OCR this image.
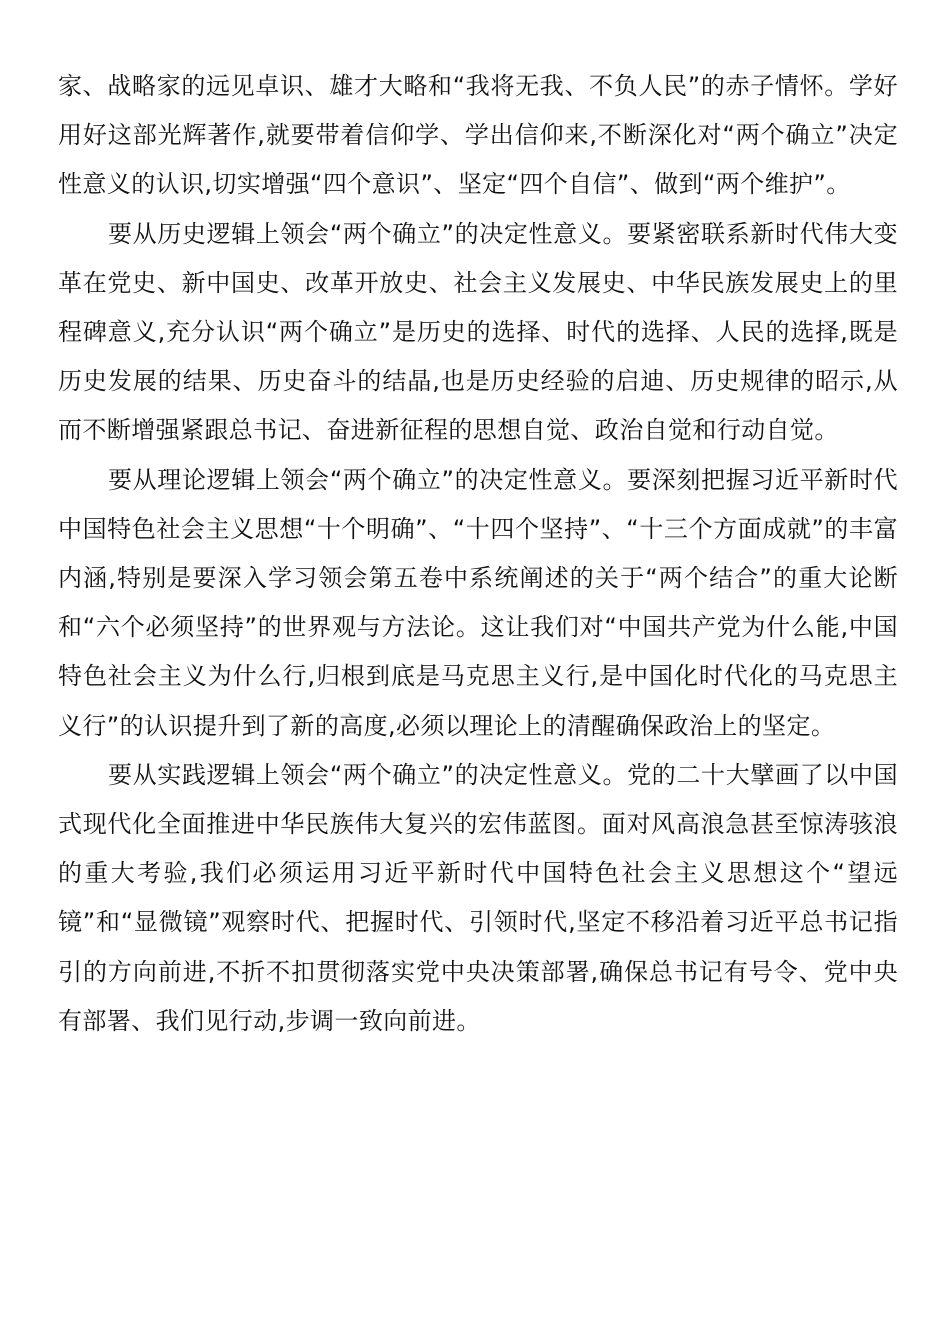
家、战略家的远见卓识、雄才大略和“我将无我、不负人民”的赤子情怀。学好用好这部光辉著作,就要带着信仰学、学出信仰来,不断深化对“两个确立”决定性意义的认识,切实增强“四个意识”、坚定“四个自信”、做到“两个维护”。

要从历史逻辑上领会“两个确立”的决定性意义。要紧密联系新时代伟大变革在党史、新中国史、改革开放史、社会主义发展史、中华民族发展史上的里程碑意义,充分认识“两个确立”是历史的选择、时代的选择、人民的选择,既是历史发展的结果、历史奋斗的结晶,也是历史经验的启迪、历史规律的昭示,从而不断增强紧跟总书记、奋进新征程的思想自觉、政治自觉和行动自觉。

要从理论逻辑上领会“两个确立”的决定性意义。要深刻把握习近平新时代中国特色社会主义思想“十个明确”、“十四个坚持”、“十三个方面成就”的丰富内涵,特别是要深入学习领会第五卷中系统阐述的关于“两个结合”的重大论断和“六个必须坚持”的世界观与方法论。这让我们对“中国共产党为什么能,中国特色社会主义为什么行,归根到底是马克思主义行,是中国化时代化的马克思主义行”的认识提升到了新的高度,必须以理论上的清醒确保政治上的坚定。

要从实践逻辑上领会“两个确立”的决定性意义。党的二十大擘画了以中国式现代化全面推进中华民族伟大复兴的宏伟蓝图。面对风高浪急甚至惊涛骇浪的重大考验,我们必须运用习近平新时代中国特色社会主义思想这个“望远镜”和“显微镜”观察时代、把握时代、引领时代,坚定不移沿着习近平总书记指引的方向前进,不折不扣贯彻落实党中央决策部署,确保总书记有号令、党中央有部署、我们见行动,步调一致向前进。
